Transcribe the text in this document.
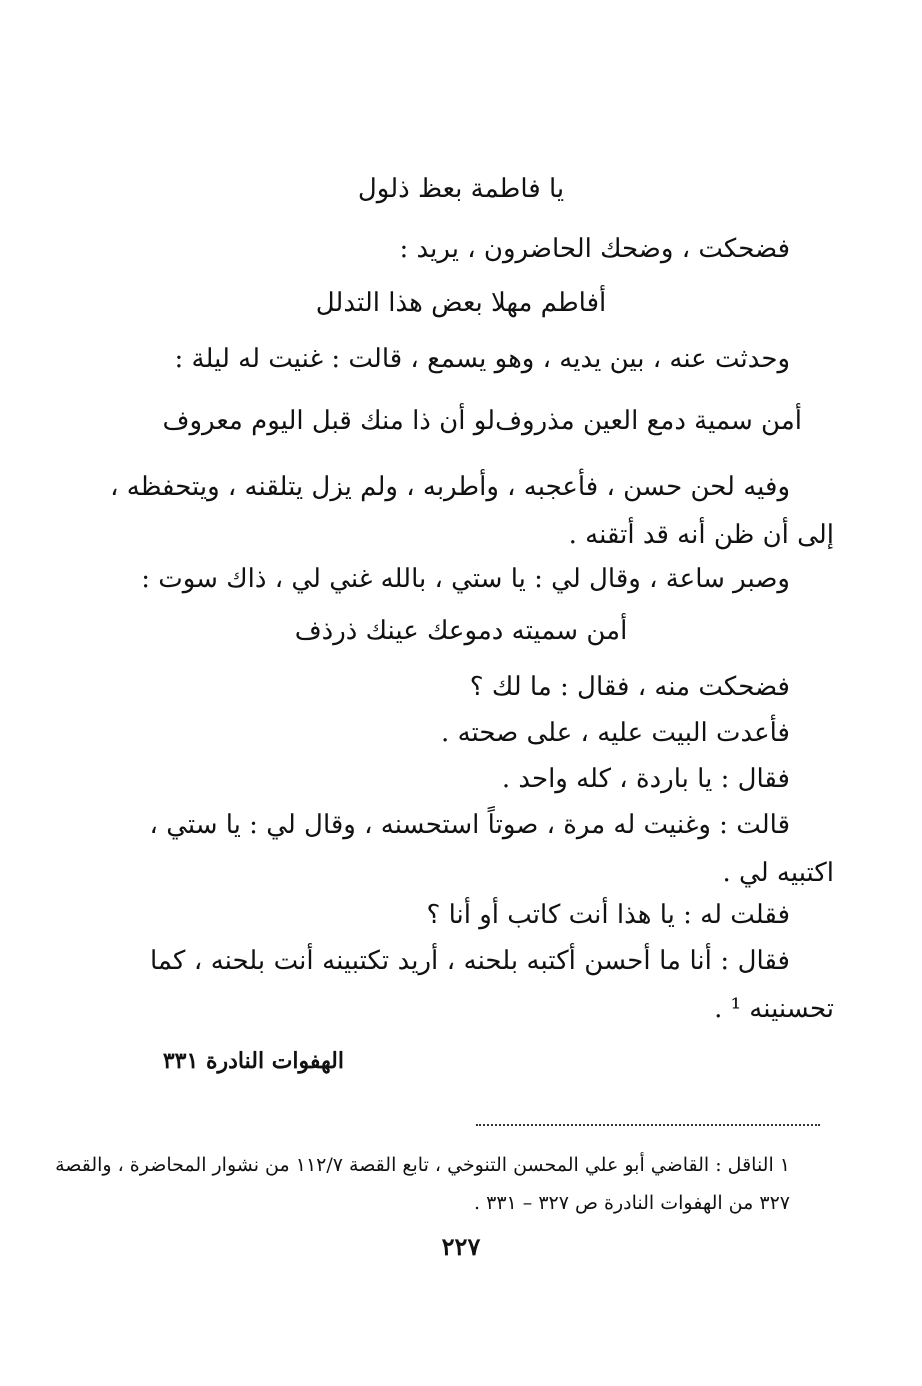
يا فاطمة بعظ ذلول

فضحكت ، وضحك الحاضرون ، يريد :

أفاطم مهلا بعض هذا التدلل

وحدثت عنه ، بين يديه ، وهو يسمع ، قالت : غنيت له ليلة :

أمن سمية دمع العين مذروف
لو أن ذا منك قبل اليوم معروف

وفيه لحن حسن ، فأعجبه ، وأطربه ، ولم يزل يتلقنه ، ويتحفظه ،

إلى أن ظن أنه قد أتقنه .

وصبر ساعة ، وقال لي : يا ستي ، بالله غني لي ، ذاك سوت :

أمن سميته دموعك عينك ذرذف

فضحكت منه ، فقال : ما لك ؟

فأعدت البيت عليه ، على صحته .

فقال : يا باردة ، كله واحد .

قالت : وغنيت له مرة ، صوتاً استحسنه ، وقال لي : يا ستي ،

اكتبيه لي .

فقلت له : يا هذا أنت كاتب أو أنا ؟

فقال : أنا ما أحسن أكتبه بلحنه ، أريد تكتبينه أنت بلحنه ، كما

تحسنينه ¹ .

الهفوات النادرة ٣٣١

١ الناقل : القاضي أبو علي المحسن التنوخي ، تابع القصة ١١٢/٧ من نشوار المحاضرة ، والقصة

٣٢٧ من الهفوات النادرة ص ٣٢٧ – ٣٣١ .

٢٢٧
